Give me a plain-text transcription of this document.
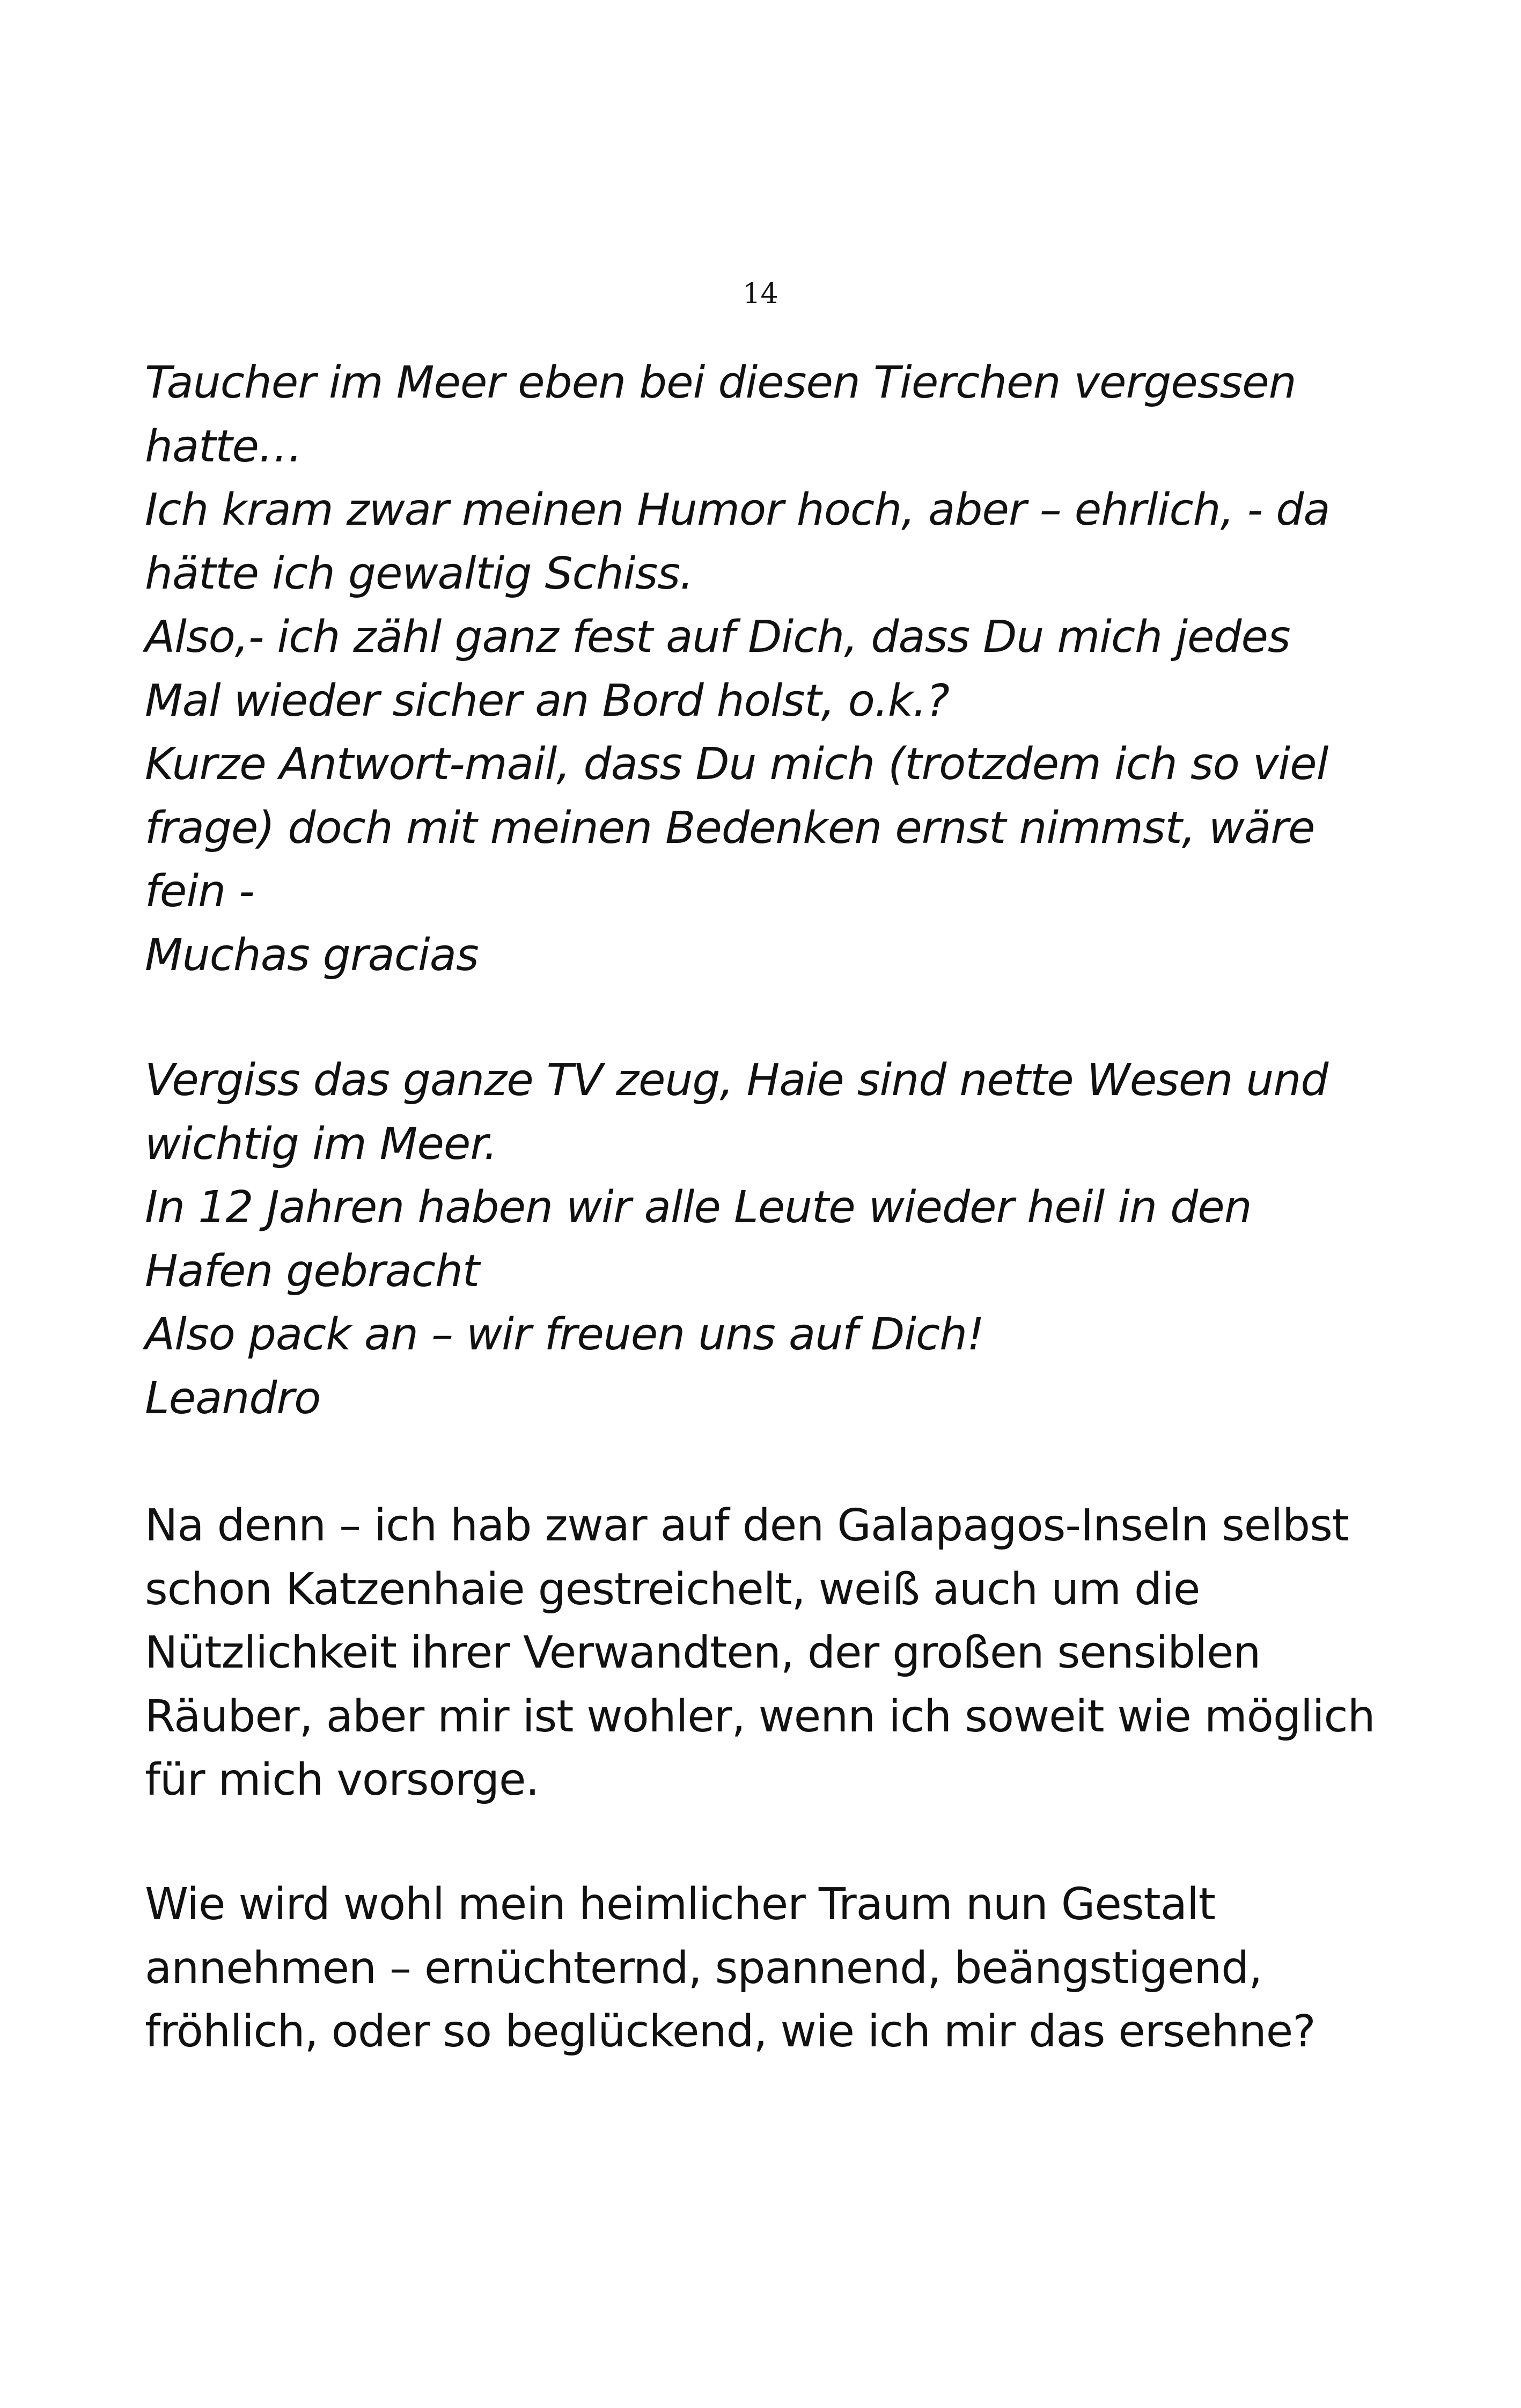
14
Taucher im Meer eben bei diesen Tierchen vergessen
hatte…
Ich kram zwar meinen Humor hoch, aber – ehrlich, - da
hätte ich gewaltig Schiss.
Also,- ich zähl ganz fest auf Dich, dass Du mich jedes
Mal wieder sicher an Bord holst, o.k.?
Kurze Antwort-mail, dass Du mich (trotzdem ich so viel
frage) doch mit meinen Bedenken ernst nimmst, wäre
fein -
Muchas gracias
Vergiss das ganze TV zeug, Haie sind nette Wesen und
wichtig im Meer.
In 12 Jahren haben wir alle Leute wieder heil in den
Hafen gebracht
Also pack an – wir freuen uns auf Dich!
Leandro
Na denn – ich hab zwar auf den Galapagos-Inseln selbst
schon Katzenhaie gestreichelt, weiß auch um die
Nützlichkeit ihrer Verwandten, der großen sensiblen
Räuber, aber mir ist wohler, wenn ich soweit wie möglich
für mich vorsorge.
Wie wird wohl mein heimlicher Traum nun Gestalt
annehmen – ernüchternd, spannend, beängstigend,
fröhlich, oder so beglückend, wie ich mir das ersehne?
